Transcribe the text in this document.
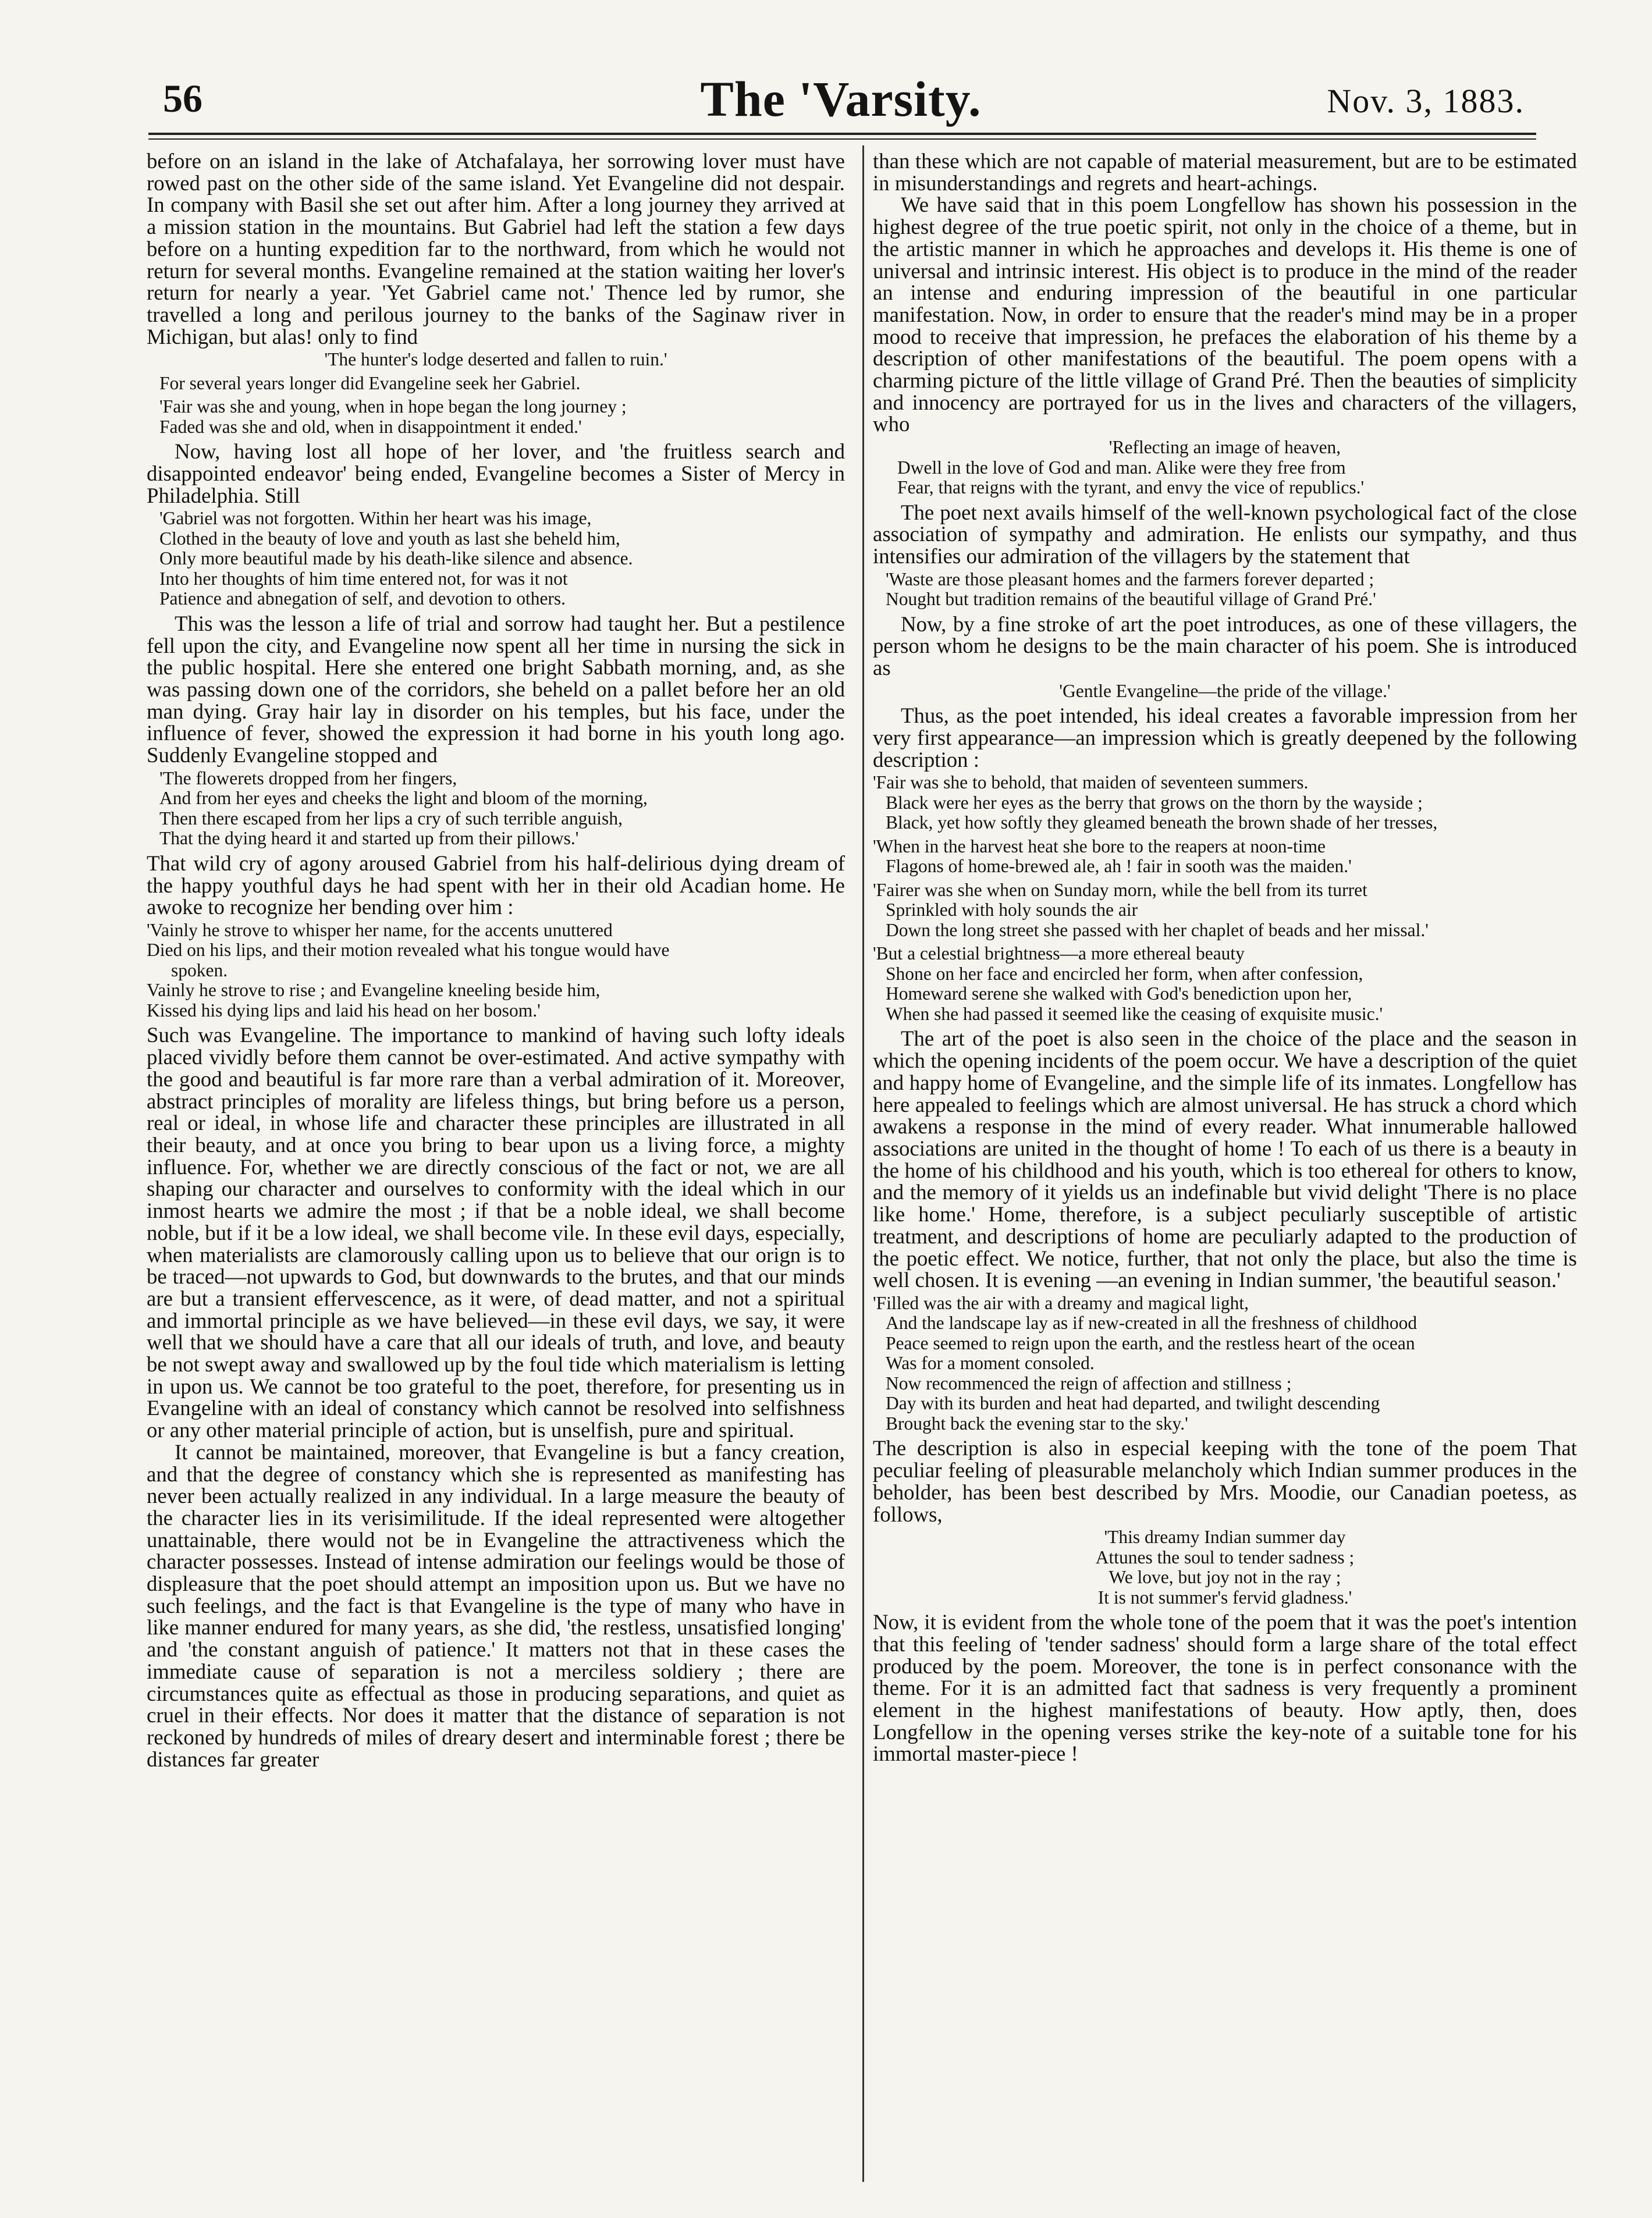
56	The 'Varsity.	Nov. 3, 1883.

before on an island in the lake of Atchafalaya, her sorrowing lover must have rowed past on the other side of the same island. Yet Evangeline did not despair. In company with Basil she set out after him. After a long journey they arrived at a mission station in the mountains. But Gabriel had left the station a few days before on a hunting expedition far to the northward, from which he would not return for several months. Evangeline remained at the station waiting her lover's return for nearly a year. 'Yet Gabriel came not.' Thence led by rumor, she travelled a long and perilous journey to the banks of the Saginaw river in Michigan, but alas! only to find

'The hunter's lodge deserted and fallen to ruin.'
For several years longer did Evangeline seek her Gabriel.
'Fair was she and young, when in hope began the long journey ;
Faded was she and old, when in disappointment it ended.'

Now, having lost all hope of her lover, and 'the fruitless search and disappointed endeavor' being ended, Evangeline becomes a Sister of Mercy in Philadelphia. Still

'Gabriel was not forgotten. Within her heart was his image,
Clothed in the beauty of love and youth as last she beheld him,
Only more beautiful made by his death-like silence and absence.
Into her thoughts of him time entered not, for was it not
Patience and abnegation of self, and devotion to others.

This was the lesson a life of trial and sorrow had taught her. But a pestilence fell upon the city, and Evangeline now spent all her time in nursing the sick in the public hospital. Here she entered one bright Sabbath morning, and, as she was passing down one of the corridors, she beheld on a pallet before her an old man dying. Gray hair lay in disorder on his temples, but his face, under the influence of fever, showed the expression it had borne in his youth long ago. Suddenly Evangeline stopped and

'The flowerets dropped from her fingers,
And from her eyes and cheeks the light and bloom of the morning,
Then there escaped from her lips a cry of such terrible anguish,
That the dying heard it and started up from their pillows.'

That wild cry of agony aroused Gabriel from his half-delirious dying dream of the happy youthful days he had spent with her in their old Acadian home. He awoke to recognize her bending over him :

'Vainly he strove to whisper her name, for the accents unuttered
Died on his lips, and their motion revealed what his tongue would have
spoken.
Vainly he strove to rise ; and Evangeline kneeling beside him,
Kissed his dying lips and laid his head on her bosom.'

Such was Evangeline. The importance to mankind of having such lofty ideals placed vividly before them cannot be over-estimated. And active sympathy with the good and beautiful is far more rare than a verbal admiration of it. Moreover, abstract principles of morality are lifeless things, but bring before us a person, real or ideal, in whose life and character these principles are illustrated in all their beauty, and at once you bring to bear upon us a living force, a mighty influence. For, whether we are directly conscious of the fact or not, we are all shaping our character and ourselves to conformity with the ideal which in our inmost hearts we admire the most ; if that be a noble ideal, we shall become noble, but if it be a low ideal, we shall become vile. In these evil days, especially, when materialists are clamorously calling upon us to believe that our orign is to be traced—not upwards to God, but downwards to the brutes, and that our minds are but a transient effervescence, as it were, of dead matter, and not a spiritual and immortal principle as we have believed—in these evil days, we say, it were well that we should have a care that all our ideals of truth, and love, and beauty be not swept away and swallowed up by the foul tide which materialism is letting in upon us. We cannot be too grateful to the poet, therefore, for presenting us in Evangeline with an ideal of constancy which cannot be resolved into selfishness or any other material principle of action, but is unselfish, pure and spiritual.

It cannot be maintained, moreover, that Evangeline is but a fancy creation, and that the degree of constancy which she is represented as manifesting has never been actually realized in any individual. In a large measure the beauty of the character lies in its verisimilitude. If the ideal represented were altogether unattainable, there would not be in Evangeline the attractiveness which the character possesses. Instead of intense admiration our feelings would be those of displeasure that the poet should attempt an imposition upon us. But we have no such feelings, and the fact is that Evangeline is the type of many who have in like manner endured for many years, as she did, 'the restless, unsatisfied longing' and 'the constant anguish of patience.' It matters not that in these cases the immediate cause of separation is not a merciless soldiery ; there are circumstances quite as effectual as those in producing separations, and quiet as cruel in their effects. Nor does it matter that the distance of separation is not reckoned by hundreds of miles of dreary desert and interminable forest ; there be distances far greater

than these which are not capable of material measurement, but are to be estimated in misunderstandings and regrets and heart-achings.

We have said that in this poem Longfellow has shown his possession in the highest degree of the true poetic spirit, not only in the choice of a theme, but in the artistic manner in which he approaches and develops it. His theme is one of universal and intrinsic interest. His object is to produce in the mind of the reader an intense and enduring impression of the beautiful in one particular manifestation. Now, in order to ensure that the reader's mind may be in a proper mood to receive that impression, he prefaces the elaboration of his theme by a description of other manifestations of the beautiful. The poem opens with a charming picture of the little village of Grand Pré. Then the beauties of simplicity and innocency are portrayed for us in the lives and characters of the villagers, who

'Reflecting an image of heaven,
Dwell in the love of God and man. Alike were they free from
Fear, that reigns with the tyrant, and envy the vice of republics.'

The poet next avails himself of the well-known psychological fact of the close association of sympathy and admiration. He enlists our sympathy, and thus intensifies our admiration of the villagers by the statement that

'Waste are those pleasant homes and the farmers forever departed ;
Nought but tradition remains of the beautiful village of Grand Pré.'

Now, by a fine stroke of art the poet introduces, as one of these villagers, the person whom he designs to be the main character of his poem. She is introduced as

'Gentle Evangeline—the pride of the village.'

Thus, as the poet intended, his ideal creates a favorable impression from her very first appearance—an impression which is greatly deepened by the following description :

'Fair was she to behold, that maiden of seventeen summers.
Black were her eyes as the berry that grows on the thorn by the wayside ;
Black, yet how softly they gleamed beneath the brown shade of her tresses,
'When in the harvest heat she bore to the reapers at noon-time
Flagons of home-brewed ale, ah ! fair in sooth was the maiden.'
'Fairer was she when on Sunday morn, while the bell from its turret
Sprinkled with holy sounds the air
Down the long street she passed with her chaplet of beads and her missal.'
'But a celestial brightness—a more ethereal beauty
Shone on her face and encircled her form, when after confession,
Homeward serene she walked with God's benediction upon her,
When she had passed it seemed like the ceasing of exquisite music.'

The art of the poet is also seen in the choice of the place and the season in which the opening incidents of the poem occur. We have a description of the quiet and happy home of Evangeline, and the simple life of its inmates. Longfellow has here appealed to feelings which are almost universal. He has struck a chord which awakens a response in the mind of every reader. What innumerable hallowed associations are united in the thought of home ! To each of us there is a beauty in the home of his childhood and his youth, which is too ethereal for others to know, and the memory of it yields us an indefinable but vivid delight 'There is no place like home.' Home, therefore, is a subject peculiarly susceptible of artistic treatment, and descriptions of home are peculiarly adapted to the production of the poetic effect. We notice, further, that not only the place, but also the time is well chosen. It is evening —an evening in Indian summer, 'the beautiful season.'

'Filled was the air with a dreamy and magical light,
And the landscape lay as if new-created in all the freshness of childhood
Peace seemed to reign upon the earth, and the restless heart of the ocean
Was for a moment consoled.
Now recommenced the reign of affection and stillness ;
Day with its burden and heat had departed, and twilight descending
Brought back the evening star to the sky.'

The description is also in especial keeping with the tone of the poem That peculiar feeling of pleasurable melancholy which Indian summer produces in the beholder, has been best described by Mrs. Moodie, our Canadian poetess, as follows,

'This dreamy Indian summer day
Attunes the soul to tender sadness ;
We love, but joy not in the ray ;
It is not summer's fervid gladness.'

Now, it is evident from the whole tone of the poem that it was the poet's intention that this feeling of 'tender sadness' should form a large share of the total effect produced by the poem. Moreover, the tone is in perfect consonance with the theme. For it is an admitted fact that sadness is very frequently a prominent element in the highest manifestations of beauty. How aptly, then, does Longfellow in the opening verses strike the key-note of a suitable tone for his immortal master-piece !
